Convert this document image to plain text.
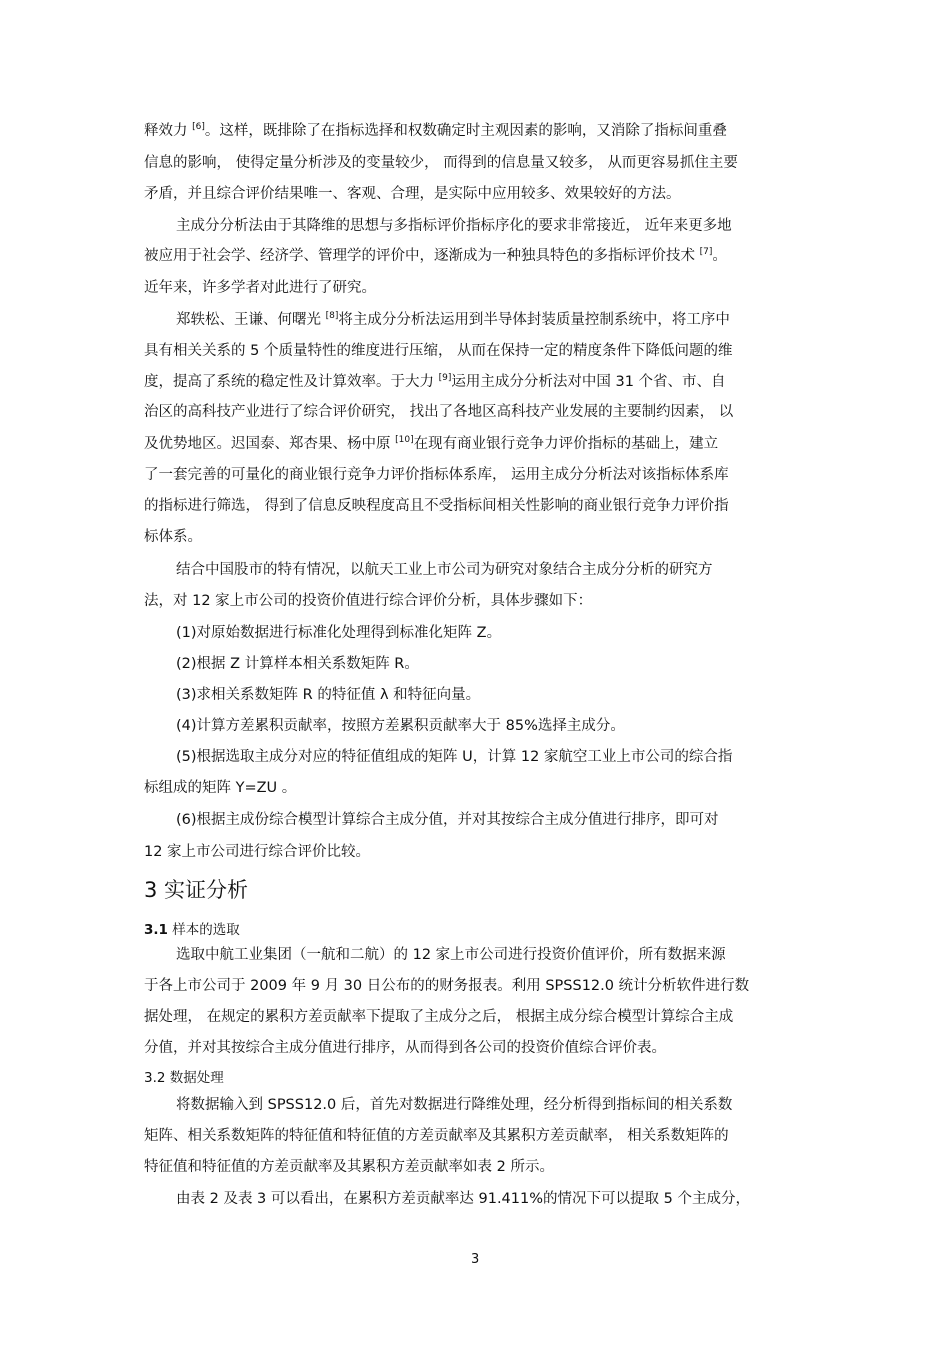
释效力 [6]。这样，既排除了在指标选择和权数确定时主观因素的影响，又消除了指标间重叠
信息的影响， 使得定量分析涉及的变量较少， 而得到的信息量又较多， 从而更容易抓住主要
矛盾，并且综合评价结果唯一、客观、合理，是实际中应用较多、效果较好的方法。
主成分分析法由于其降维的思想与多指标评价指标序化的要求非常接近， 近年来更多地
被应用于社会学、经济学、管理学的评价中，逐渐成为一种独具特色的多指标评价技术 [7]。
近年来，许多学者对此进行了研究。
郑轶松、王谦、何曙光 [8]将主成分分析法运用到半导体封装质量控制系统中，将工序中
具有相关关系的 5 个质量特性的维度进行压缩， 从而在保持一定的精度条件下降低问题的维
度，提高了系统的稳定性及计算效率。于大力 [9]运用主成分分析法对中国 31 个省、市、自
治区的高科技产业进行了综合评价研究， 找出了各地区高科技产业发展的主要制约因素， 以
及优势地区。迟国泰、郑杏果、杨中原 [10]在现有商业银行竞争力评价指标的基础上，建立
了一套完善的可量化的商业银行竞争力评价指标体系库， 运用主成分分析法对该指标体系库
的指标进行筛选， 得到了信息反映程度高且不受指标间相关性影响的商业银行竞争力评价指
标体系。
结合中国股市的特有情况，以航天工业上市公司为研究对象结合主成分分析的研究方
法，对 12 家上市公司的投资价值进行综合评价分析，具体步骤如下：
(1)对原始数据进行标准化处理得到标准化矩阵 Z。
(2)根据 Z 计算样本相关系数矩阵 R。
(3)求相关系数矩阵 R 的特征值 λ 和特征向量。
(4)计算方差累积贡献率，按照方差累积贡献率大于 85%选择主成分。
(5)根据选取主成分对应的特征值组成的矩阵 U，计算 12 家航空工业上市公司的综合指
标组成的矩阵 Y=ZU 。
(6)根据主成份综合模型计算综合主成分值，并对其按综合主成分值进行排序，即可对
12 家上市公司进行综合评价比较。
3 实证分析
3.1 样本的选取
选取中航工业集团（一航和二航）的 12 家上市公司进行投资价值评价，所有数据来源
于各上市公司于 2009 年 9 月 30 日公布的的财务报表。利用 SPSS12.0 统计分析软件进行数
据处理， 在规定的累积方差贡献率下提取了主成分之后， 根据主成分综合模型计算综合主成
分值，并对其按综合主成分值进行排序，从而得到各公司的投资价值综合评价表。
3.2 数据处理
将数据输入到 SPSS12.0 后，首先对数据进行降维处理，经分析得到指标间的相关系数
矩阵、相关系数矩阵的特征值和特征值的方差贡献率及其累积方差贡献率， 相关系数矩阵的
特征值和特征值的方差贡献率及其累积方差贡献率如表 2 所示。
由表 2 及表 3 可以看出，在累积方差贡献率达 91.411%的情况下可以提取 5 个主成分，
3
